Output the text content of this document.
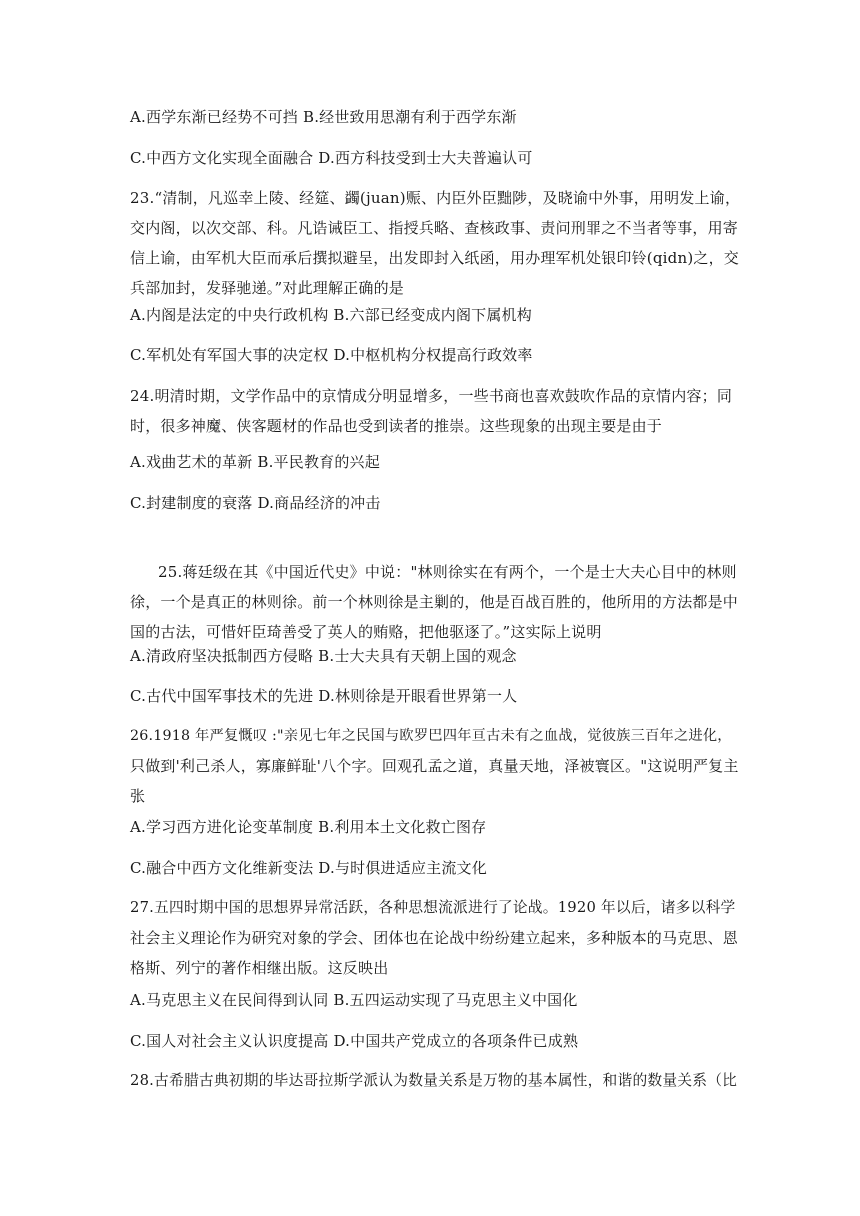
A.西学东渐已经势不可挡 B.经世致用思潮有利于西学东渐
C.中西方文化实现全面融合 D.西方科技受到士大夫普遍认可
23.“清制，凡巡幸上陵、经筵、蠲(juan)赈、内臣外臣黜陟，及晓谕中外事，用明发上谕，
交内阁，以次交部、科。凡诰诫臣工、指授兵略、查核政事、责问刑罪之不当者等事，用寄
信上谕，由军机大臣而承后撰拟避呈，出发即封入纸函，用办理军机处银印铃(qidn)之，交
兵部加封，发驿驰递。”对此理解正确的是
A.内阁是法定的中央行政机构 B.六部已经变成内阁下属机构
C.军机处有军国大事的决定权 D.中枢机构分权提高行政效率
24.明清时期，文学作品中的京情成分明显增多，一些书商也喜欢鼓吹作品的京情内容；同
时，很多神魔、侠客题材的作品也受到读者的推崇。这些现象的出现主要是由于
A.戏曲艺术的革新 B.平民教育的兴起
C.封建制度的衰落 D.商品经济的冲击
25.蒋廷级在其《中国近代史》中说："林则徐实在有两个，一个是士大夫心目中的林则
徐，一个是真正的林则徐。前一个林则徐是主剿的，他是百战百胜的，他所用的方法都是中
国的古法，可惜奸臣琦善受了英人的贿赂，把他驱逐了。”这实际上说明
A.清政府坚决抵制西方侵略 B.士大夫具有天朝上国的观念
C.古代中国军事技术的先进 D.林则徐是开眼看世界第一人
26.1918 年严复慨叹 :"亲见七年之民国与欧罗巴四年亘古未有之血战，觉彼族三百年之进化，
只做到'利己杀人，寡廉鲜耻'八个字。回观孔孟之道，真量天地，泽被寰区。"这说明严复主
张
A.学习西方进化论变革制度 B.利用本土文化救亡图存
C.融合中西方文化维新变法 D.与时俱进适应主流文化
27.五四时期中国的思想界异常活跃，各种思想流派进行了论战。1920 年以后，诸多以科学
社会主义理论作为研究对象的学会、团体也在论战中纷纷建立起来，多种版本的马克思、恩
格斯、列宁的著作相继出版。这反映出
A.马克思主义在民间得到认同 B.五四运动实现了马克思主义中国化
C.国人对社会主义认识度提高 D.中国共产党成立的各项条件已成熟
28.古希腊古典初期的毕达哥拉斯学派认为数量关系是万物的基本属性，和谐的数量关系（比
